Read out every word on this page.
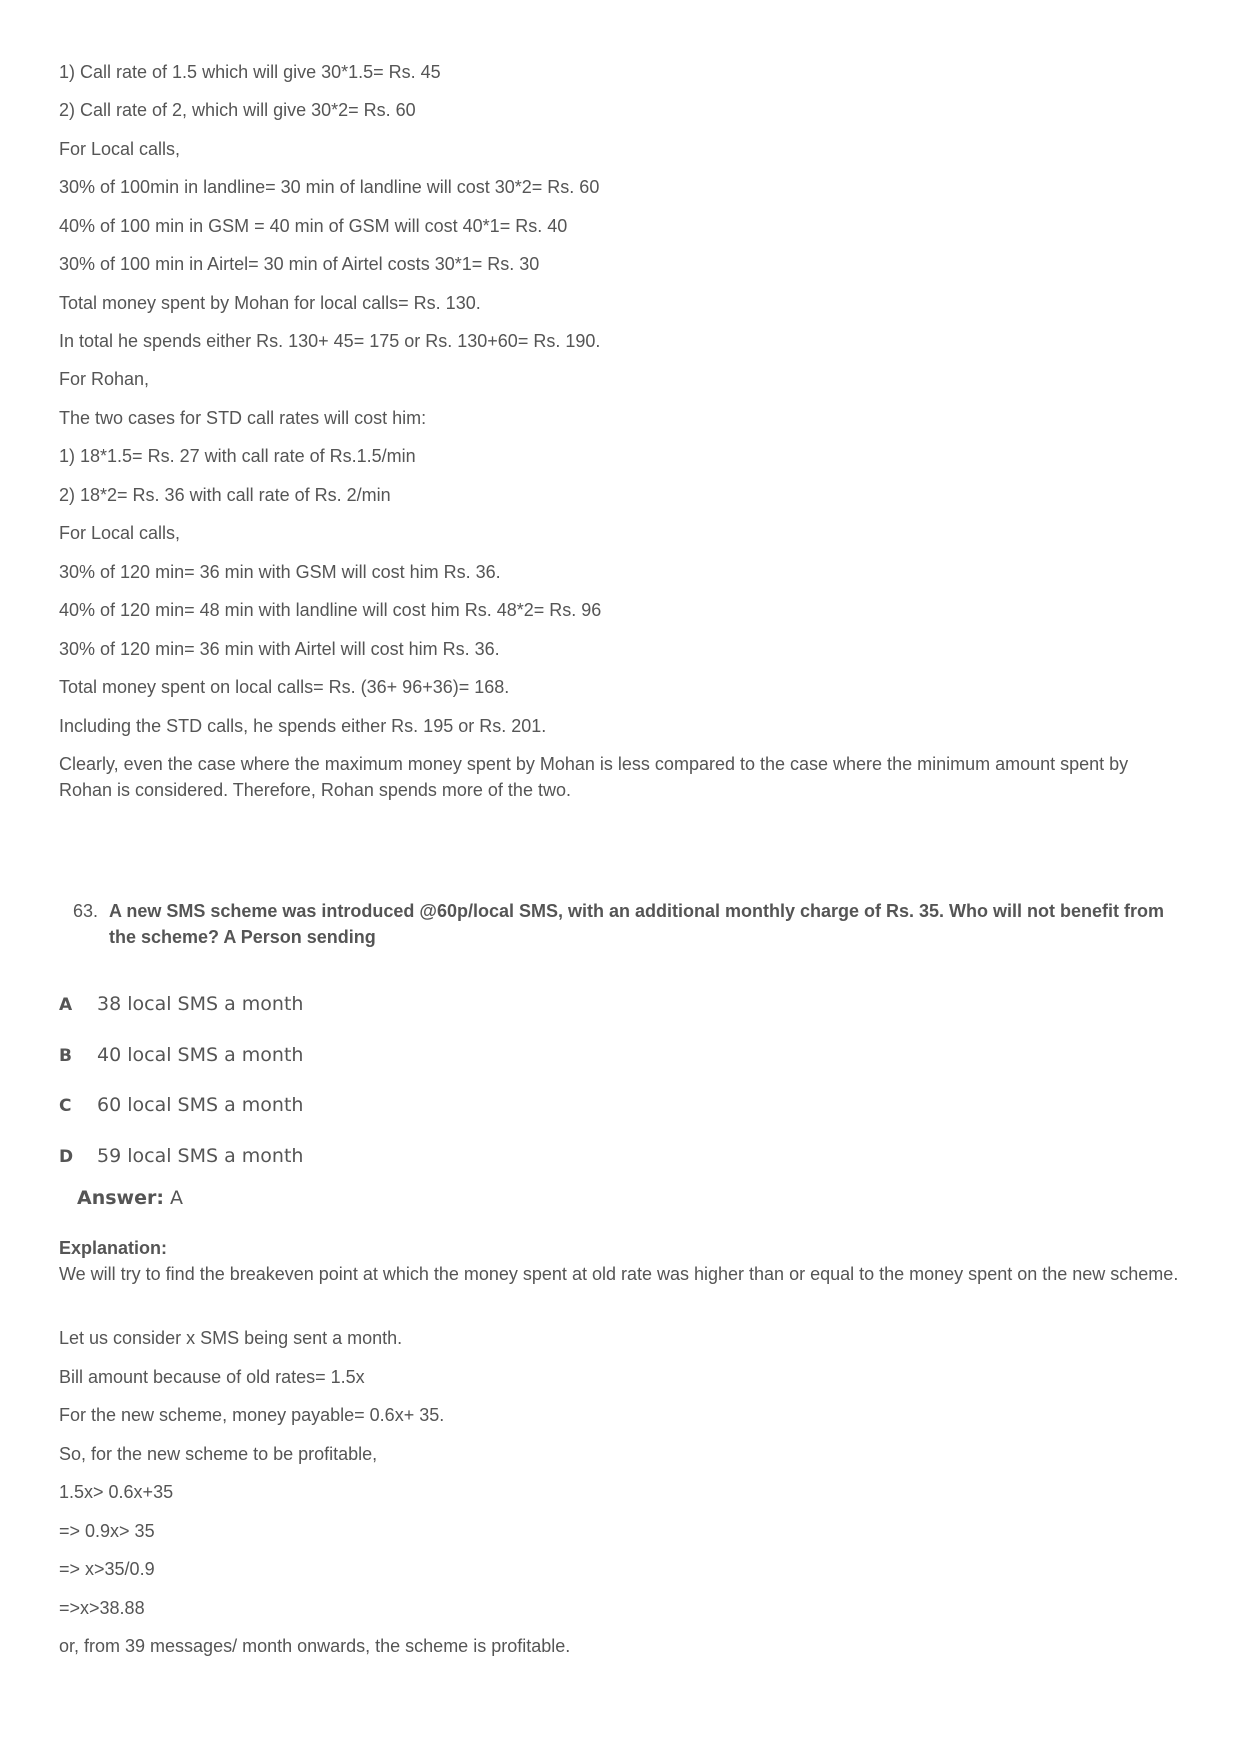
1) Call rate of 1.5 which will give 30*1.5= Rs. 45
2) Call rate of 2, which will give 30*2= Rs. 60
For Local calls,
30% of 100min in landline= 30 min of landline will cost 30*2= Rs. 60
40% of 100 min in GSM = 40 min of GSM will cost 40*1= Rs. 40
30% of 100 min in Airtel= 30 min of Airtel costs 30*1= Rs. 30
Total money spent by Mohan for local calls= Rs. 130.
In total he spends either Rs. 130+ 45= 175 or Rs. 130+60= Rs. 190.
For Rohan,
The two cases for STD call rates will cost him:
1) 18*1.5= Rs. 27 with call rate of Rs.1.5/min
2) 18*2= Rs. 36 with call rate of Rs. 2/min
For Local calls,
30% of 120 min= 36 min with GSM will cost him Rs. 36.
40% of 120 min= 48 min with landline will cost him Rs. 48*2= Rs. 96
30% of 120 min= 36 min with Airtel will cost him Rs. 36.
Total money spent on local calls= Rs. (36+ 96+36)= 168.
Including the STD calls, he spends either Rs. 195 or Rs. 201.
Clearly, even the case where the maximum money spent by Mohan is less compared to the case where the minimum amount spent by Rohan is considered. Therefore, Rohan spends more of the two.
63. A new SMS scheme was introduced @60p/local SMS, with an additional monthly charge of Rs. 35. Who will not benefit from the scheme? A Person sending
A 38 local SMS a month
B 40 local SMS a month
C 60 local SMS a month
D 59 local SMS a month
Answer: A
Explanation:
We will try to find the breakeven point at which the money spent at old rate was higher than or equal to the money spent on the new scheme.
Let us consider x SMS being sent a month.
Bill amount because of old rates= 1.5x
For the new scheme, money payable= 0.6x+ 35.
So, for the new scheme to be profitable,
1.5x> 0.6x+35
=> 0.9x> 35
=> x>35/0.9
=>x>38.88
or, from 39 messages/ month onwards, the scheme is profitable.
